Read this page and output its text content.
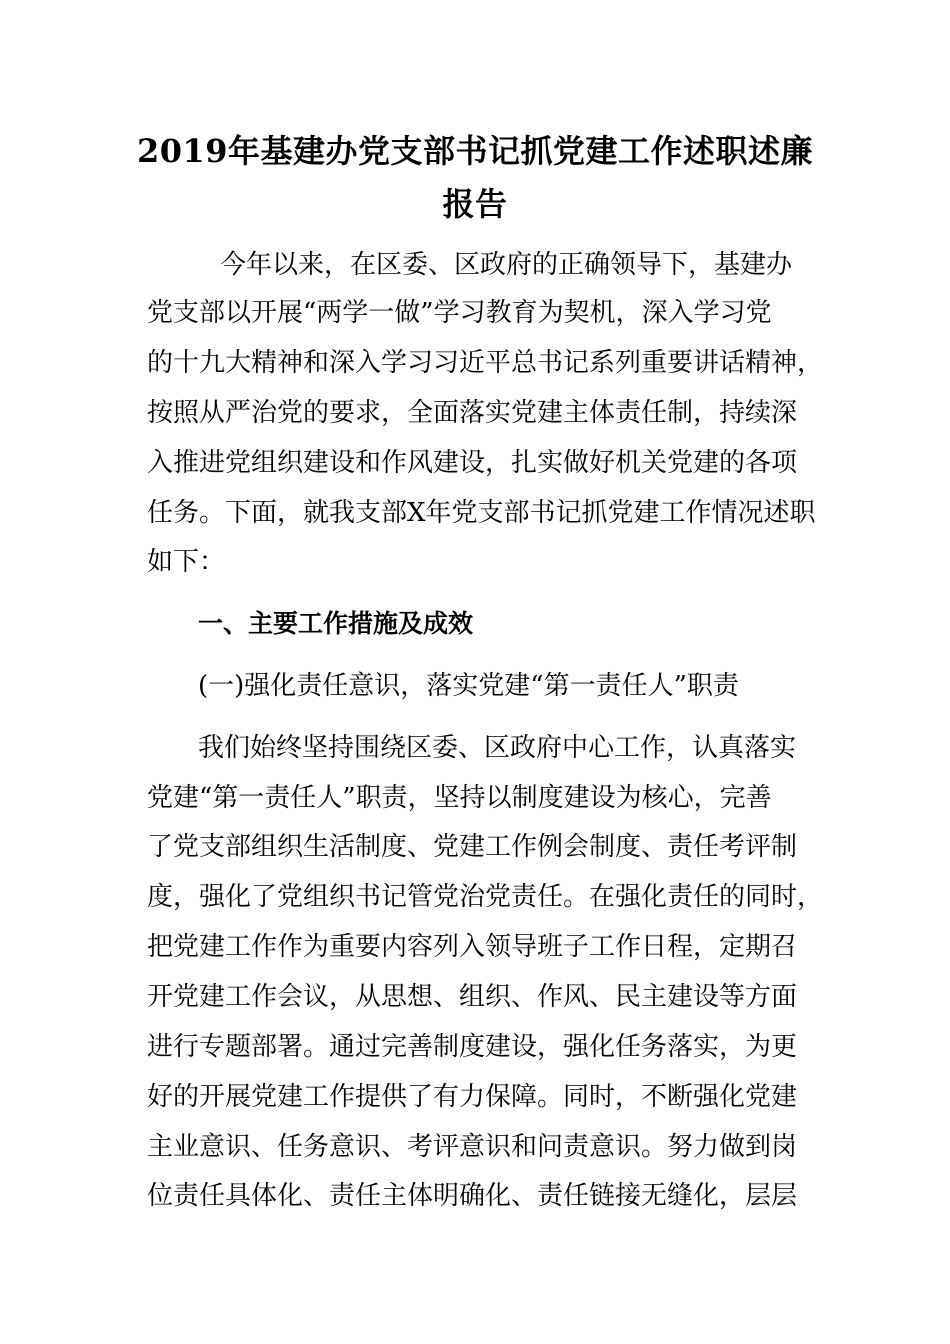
2019年基建办党支部书记抓党建工作述职述廉
报告
今年以来，在区委、区政府的正确领导下，基建办
党支部以开展“两学一做”学习教育为契机，深入学习党
的十九大精神和深入学习习近平总书记系列重要讲话精神，
按照从严治党的要求，全面落实党建主体责任制，持续深
入推进党组织建设和作风建设，扎实做好机关党建的各项
任务。下面，就我支部X年党支部书记抓党建工作情况述职
如下：
一、主要工作措施及成效
(一)强化责任意识，落实党建“第一责任人”职责
我们始终坚持围绕区委、区政府中心工作，认真落实
党建“第一责任人”职责，坚持以制度建设为核心，完善
了党支部组织生活制度、党建工作例会制度、责任考评制
度，强化了党组织书记管党治党责任。在强化责任的同时，
把党建工作作为重要内容列入领导班子工作日程，定期召
开党建工作会议，从思想、组织、作风、民主建设等方面
进行专题部署。通过完善制度建设，强化任务落实，为更
好的开展党建工作提供了有力保障。同时，不断强化党建
主业意识、任务意识、考评意识和问责意识。努力做到岗
位责任具体化、责任主体明确化、责任链接无缝化，层层
